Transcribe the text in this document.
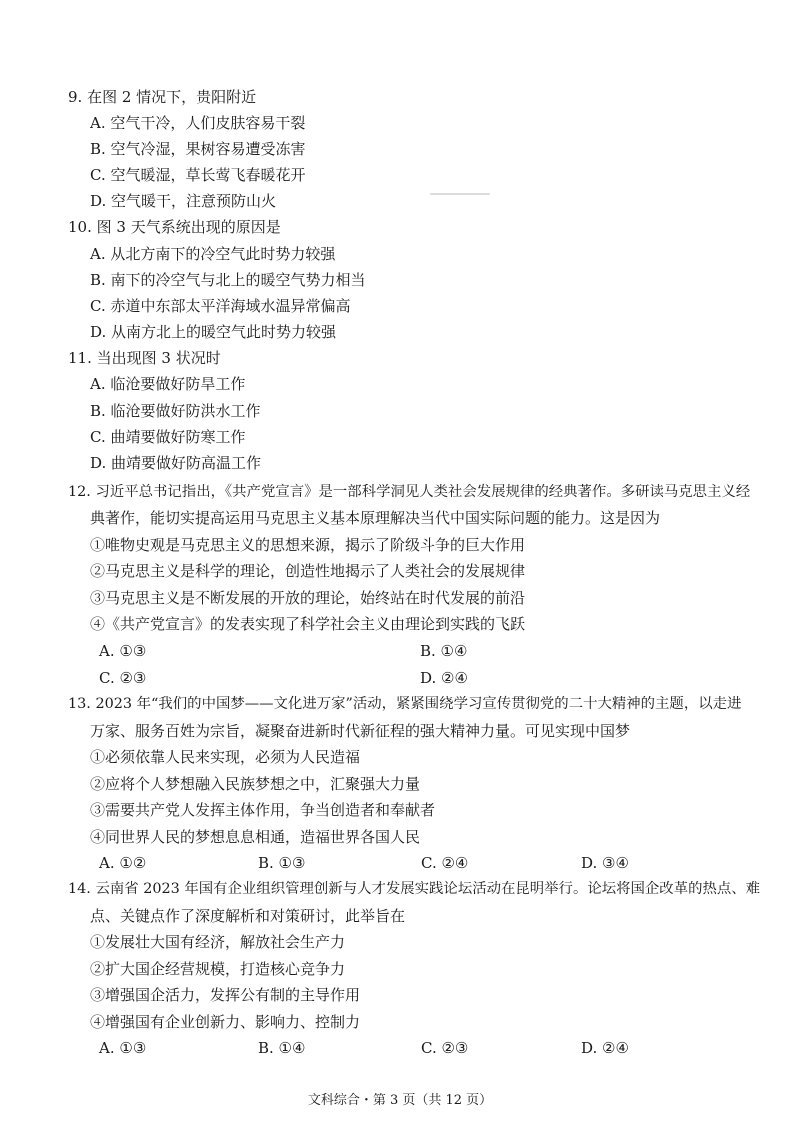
9. 在图 2 情况下，贵阳附近
A. 空气干冷，人们皮肤容易干裂
B. 空气冷湿，果树容易遭受冻害
C. 空气暖湿，草长莺飞春暖花开
D. 空气暖干，注意预防山火
10. 图 3 天气系统出现的原因是
A. 从北方南下的冷空气此时势力较强
B. 南下的冷空气与北上的暖空气势力相当
C. 赤道中东部太平洋海域水温异常偏高
D. 从南方北上的暖空气此时势力较强
11. 当出现图 3 状况时
A. 临沧要做好防旱工作
B. 临沧要做好防洪水工作
C. 曲靖要做好防寒工作
D. 曲靖要做好防高温工作
12. 习近平总书记指出，《共产党宣言》是一部科学洞见人类社会发展规律的经典著作。多研读马克思主义经
典著作，能切实提高运用马克思主义基本原理解决当代中国实际问题的能力。这是因为
①唯物史观是马克思主义的思想来源，揭示了阶级斗争的巨大作用
②马克思主义是科学的理论，创造性地揭示了人类社会的发展规律
③马克思主义是不断发展的开放的理论，始终站在时代发展的前沿
④《共产党宣言》的发表实现了科学社会主义由理论到实践的飞跃
A. ①③	B. ①④
C. ②③	D. ②④
13. 2023 年“我们的中国梦——文化进万家”活动，紧紧围绕学习宣传贯彻党的二十大精神的主题，以走进
万家、服务百姓为宗旨，凝聚奋进新时代新征程的强大精神力量。可见实现中国梦
①必须依靠人民来实现，必须为人民造福
②应将个人梦想融入民族梦想之中，汇聚强大力量
③需要共产党人发挥主体作用，争当创造者和奉献者
④同世界人民的梦想息息相通，造福世界各国人民
A. ①②	B. ①③	C. ②④	D. ③④
14. 云南省 2023 年国有企业组织管理创新与人才发展实践论坛活动在昆明举行。论坛将国企改革的热点、难
点、关键点作了深度解析和对策研讨，此举旨在
①发展壮大国有经济，解放社会生产力
②扩大国企经营规模，打造核心竞争力
③增强国企活力，发挥公有制的主导作用
④增强国有企业创新力、影响力、控制力
A. ①③	B. ①④	C. ②③	D. ②④
文科综合・第 3 页（共 12 页）
